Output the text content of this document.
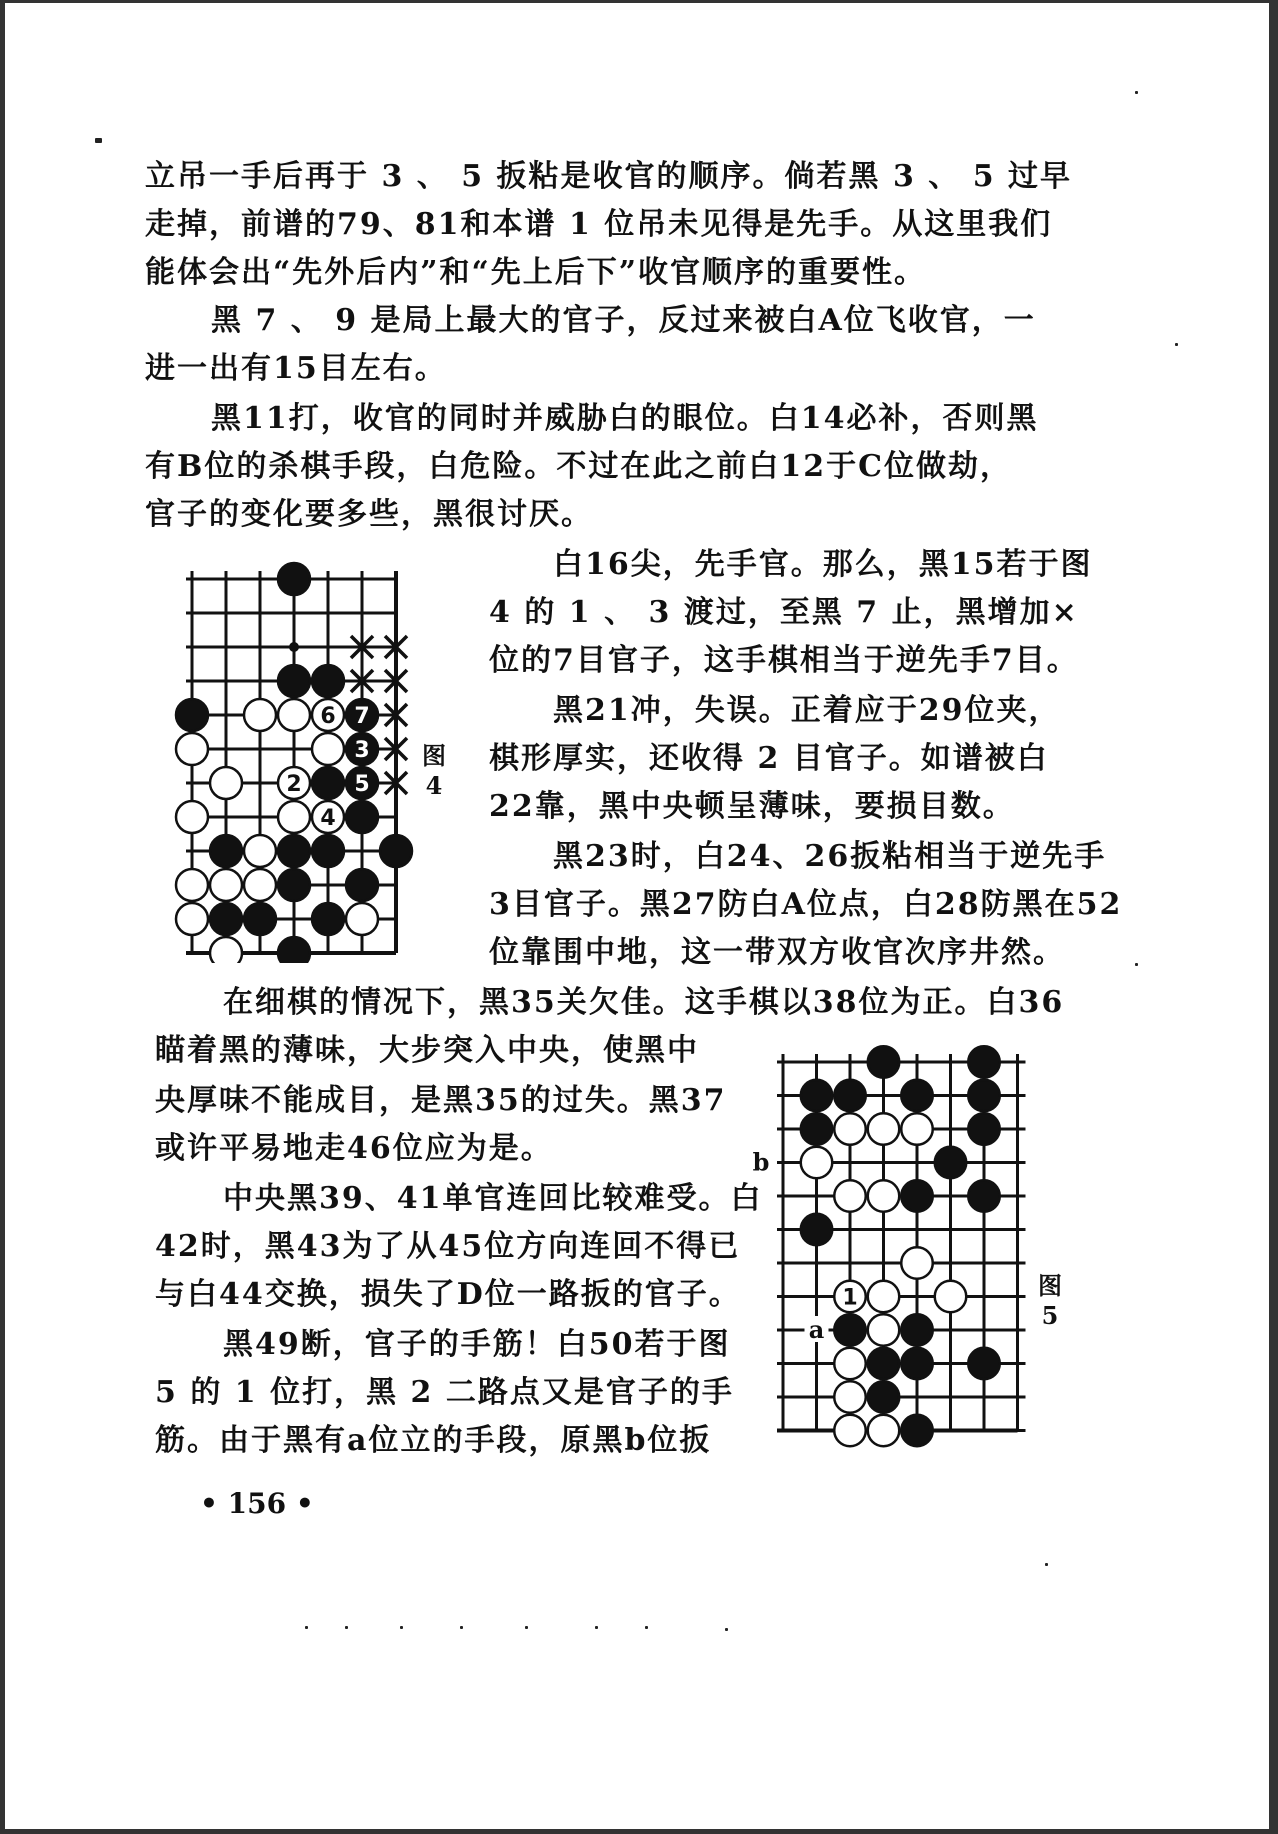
立吊一手后再于 3 、 5 扳粘是收官的顺序。倘若黑 3 、 5 过早
走掉，前谱的79、81和本谱 1 位吊未见得是先手。从这里我们
能体会出“先外后内”和“先上后下”收官顺序的重要性。
黑 7 、 9 是局上最大的官子，反过来被白A位飞收官，一
进一出有15目左右。
黑11打，收官的同时并威胁白的眼位。白14必补，否则黑
有B位的杀棋手段，白危险。不过在此之前白12于C位做劫，
官子的变化要多些，黑很讨厌。
6 7
3
2 5
4
图
4
白16尖，先手官。那么，黑15若于图
4 的 1 、 3 渡过，至黑 7 止，黑增加×
位的7目官子，这手棋相当于逆先手7目。
黑21冲，失误。正着应于29位夹，
棋形厚实，还收得 2 目官子。如谱被白
22靠，黑中央顿呈薄味，要损目数。
黑23时，白24、26扳粘相当于逆先手
3目官子。黑27防白A位点，白28防黑在52
位靠围中地，这一带双方收官次序井然。
在细棋的情况下，黑35关欠佳。这手棋以38位为正。白36
瞄着黑的薄味，大步突入中央，使黑中
央厚味不能成目，是黑35的过失。黑37
或许平易地走46位应为是。
中央黑39、41单官连回比较难受。白
42时，黑43为了从45位方向连回不得已
与白44交换，损失了D位一路扳的官子。
黑49断，官子的手筋！白50若于图
5 的 1 位打，黑 2 二路点又是官子的手
筋。由于黑有a位立的手段，原黑b位扳
1
b
a
图
5
• 156 •
